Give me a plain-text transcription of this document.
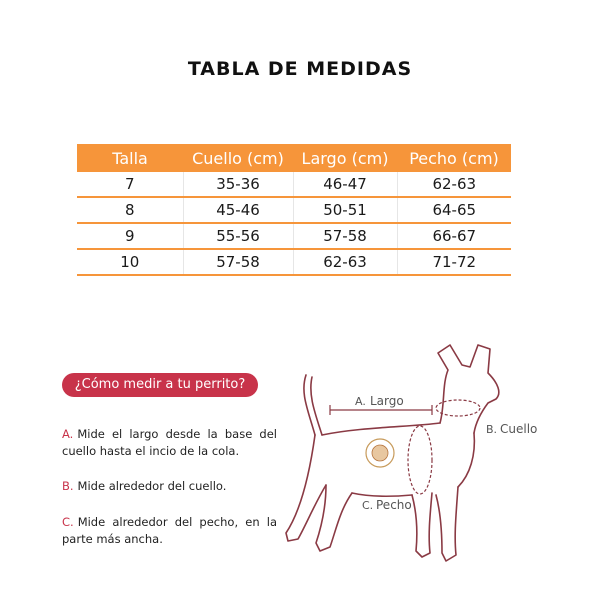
TABLA DE MEDIDAS
Talla	Cuello (cm)	Largo (cm)	Pecho (cm)
7	35-36	46-47	62-63
8	45-46	50-51	64-65
9	55-56	57-58	66-67
10	57-58	62-63	71-72
¿Cómo medir a tu perrito?
A. Mide el largo desde la base del cuello hasta el incio de la cola.
B. Mide alrededor del cuello.
C. Mide alrededor del pecho, en la parte más ancha.
A. Largo
B. Cuello
C. Pecho
